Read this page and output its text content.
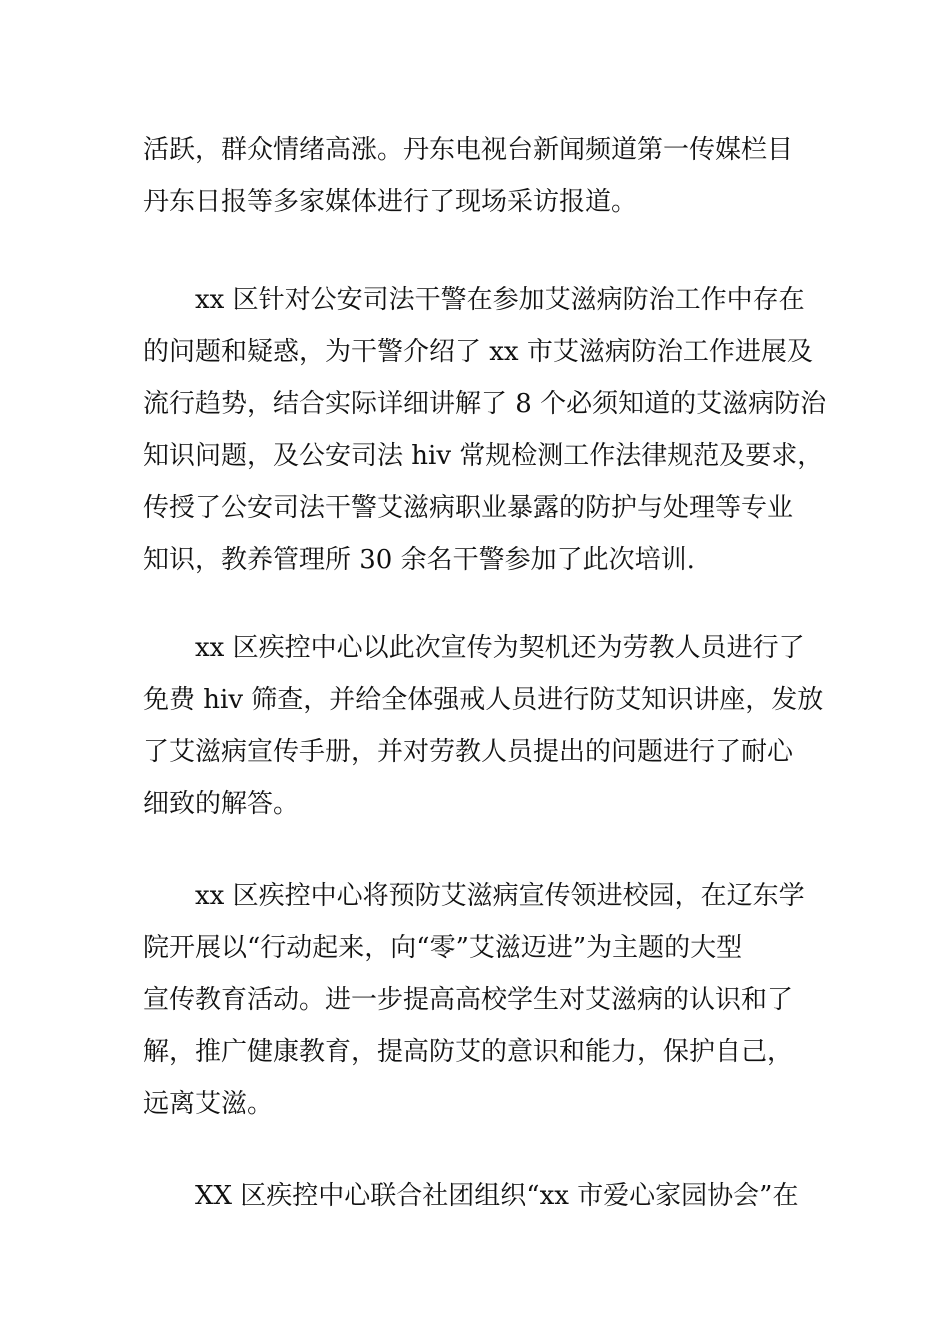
活跃，群众情绪高涨。丹东电视台新闻频道第一传媒栏目
丹东日报等多家媒体进行了现场采访报道。

xx 区针对公安司法干警在参加艾滋病防治工作中存在
的问题和疑惑，为干警介绍了 xx 市艾滋病防治工作进展及
流行趋势，结合实际详细讲解了 8 个必须知道的艾滋病防治
知识问题，及公安司法 hiv 常规检测工作法律规范及要求，
传授了公安司法干警艾滋病职业暴露的防护与处理等专业
知识，教养管理所 30 余名干警参加了此次培训.

xx 区疾控中心以此次宣传为契机还为劳教人员进行了
免费 hiv 筛查，并给全体强戒人员进行防艾知识讲座，发放
了艾滋病宣传手册，并对劳教人员提出的问题进行了耐心
细致的解答。

xx 区疾控中心将预防艾滋病宣传领进校园，在辽东学
院开展以“行动起来，向“零”艾滋迈进”为主题的大型
宣传教育活动。进一步提高高校学生对艾滋病的认识和了
解，推广健康教育，提高防艾的意识和能力，保护自己，
远离艾滋。

XX 区疾控中心联合社团组织“xx 市爱心家园协会”在
